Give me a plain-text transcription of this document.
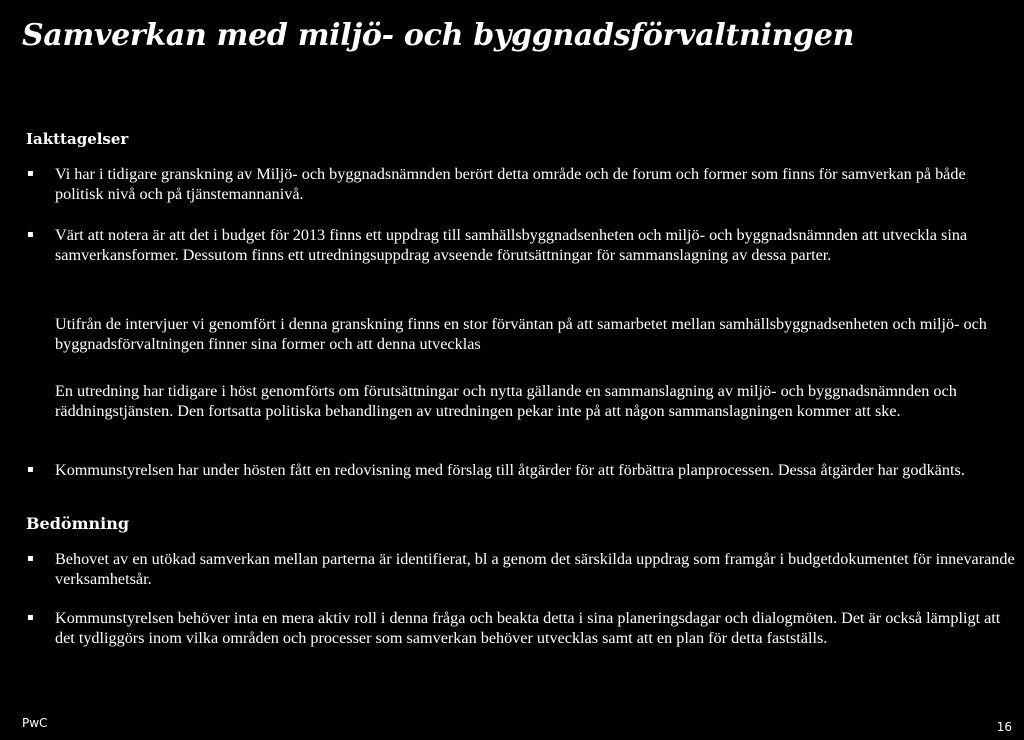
Samverkan med miljö- och byggnadsförvaltningen
Iakttagelser
▪ Vi har i tidigare granskning av Miljö- och byggnadsnämnden berört detta område och de forum och former som finns för samverkan på både politisk nivå och på tjänstemannanivå.

▪ Värt att notera är att det i budget för 2013 finns ett uppdrag till samhällsbyggnadsenheten och miljö- och byggnadsnämnden att utveckla sina samverkansformer. Dessutom finns ett utredningsuppdrag avseende förutsättningar för sammanslagning av dessa parter.

Utifrån de intervjuer vi genomfört i denna granskning finns en stor förväntan på att samarbetet mellan samhällsbyggnadsenheten och miljö- och byggnadsförvaltningen finner sina former och att denna utvecklas

En utredning har tidigare i höst genomförts om förutsättningar och nytta gällande en sammanslagning av miljö- och byggnadsnämnden och räddningstjänsten. Den fortsatta politiska behandlingen av utredningen pekar inte på att någon sammanslagningen kommer att ske.

▪ Kommunstyrelsen har under hösten fått en redovisning med förslag till åtgärder för att förbättra planprocessen. Dessa åtgärder har godkänts.

Bedömning
▪ Behovet av en utökad samverkan mellan parterna är identifierat, bl a genom det särskilda uppdrag som framgår i budgetdokumentet för innevarande verksamhetsår.

▪ Kommunstyrelsen behöver inta en mera aktiv roll i denna fråga och beakta detta i sina planeringsdagar och dialogmöten. Det är också lämpligt att det tydliggörs inom vilka områden och processer som samverkan behöver utvecklas samt att en plan för detta fastställs.

PwC	16
